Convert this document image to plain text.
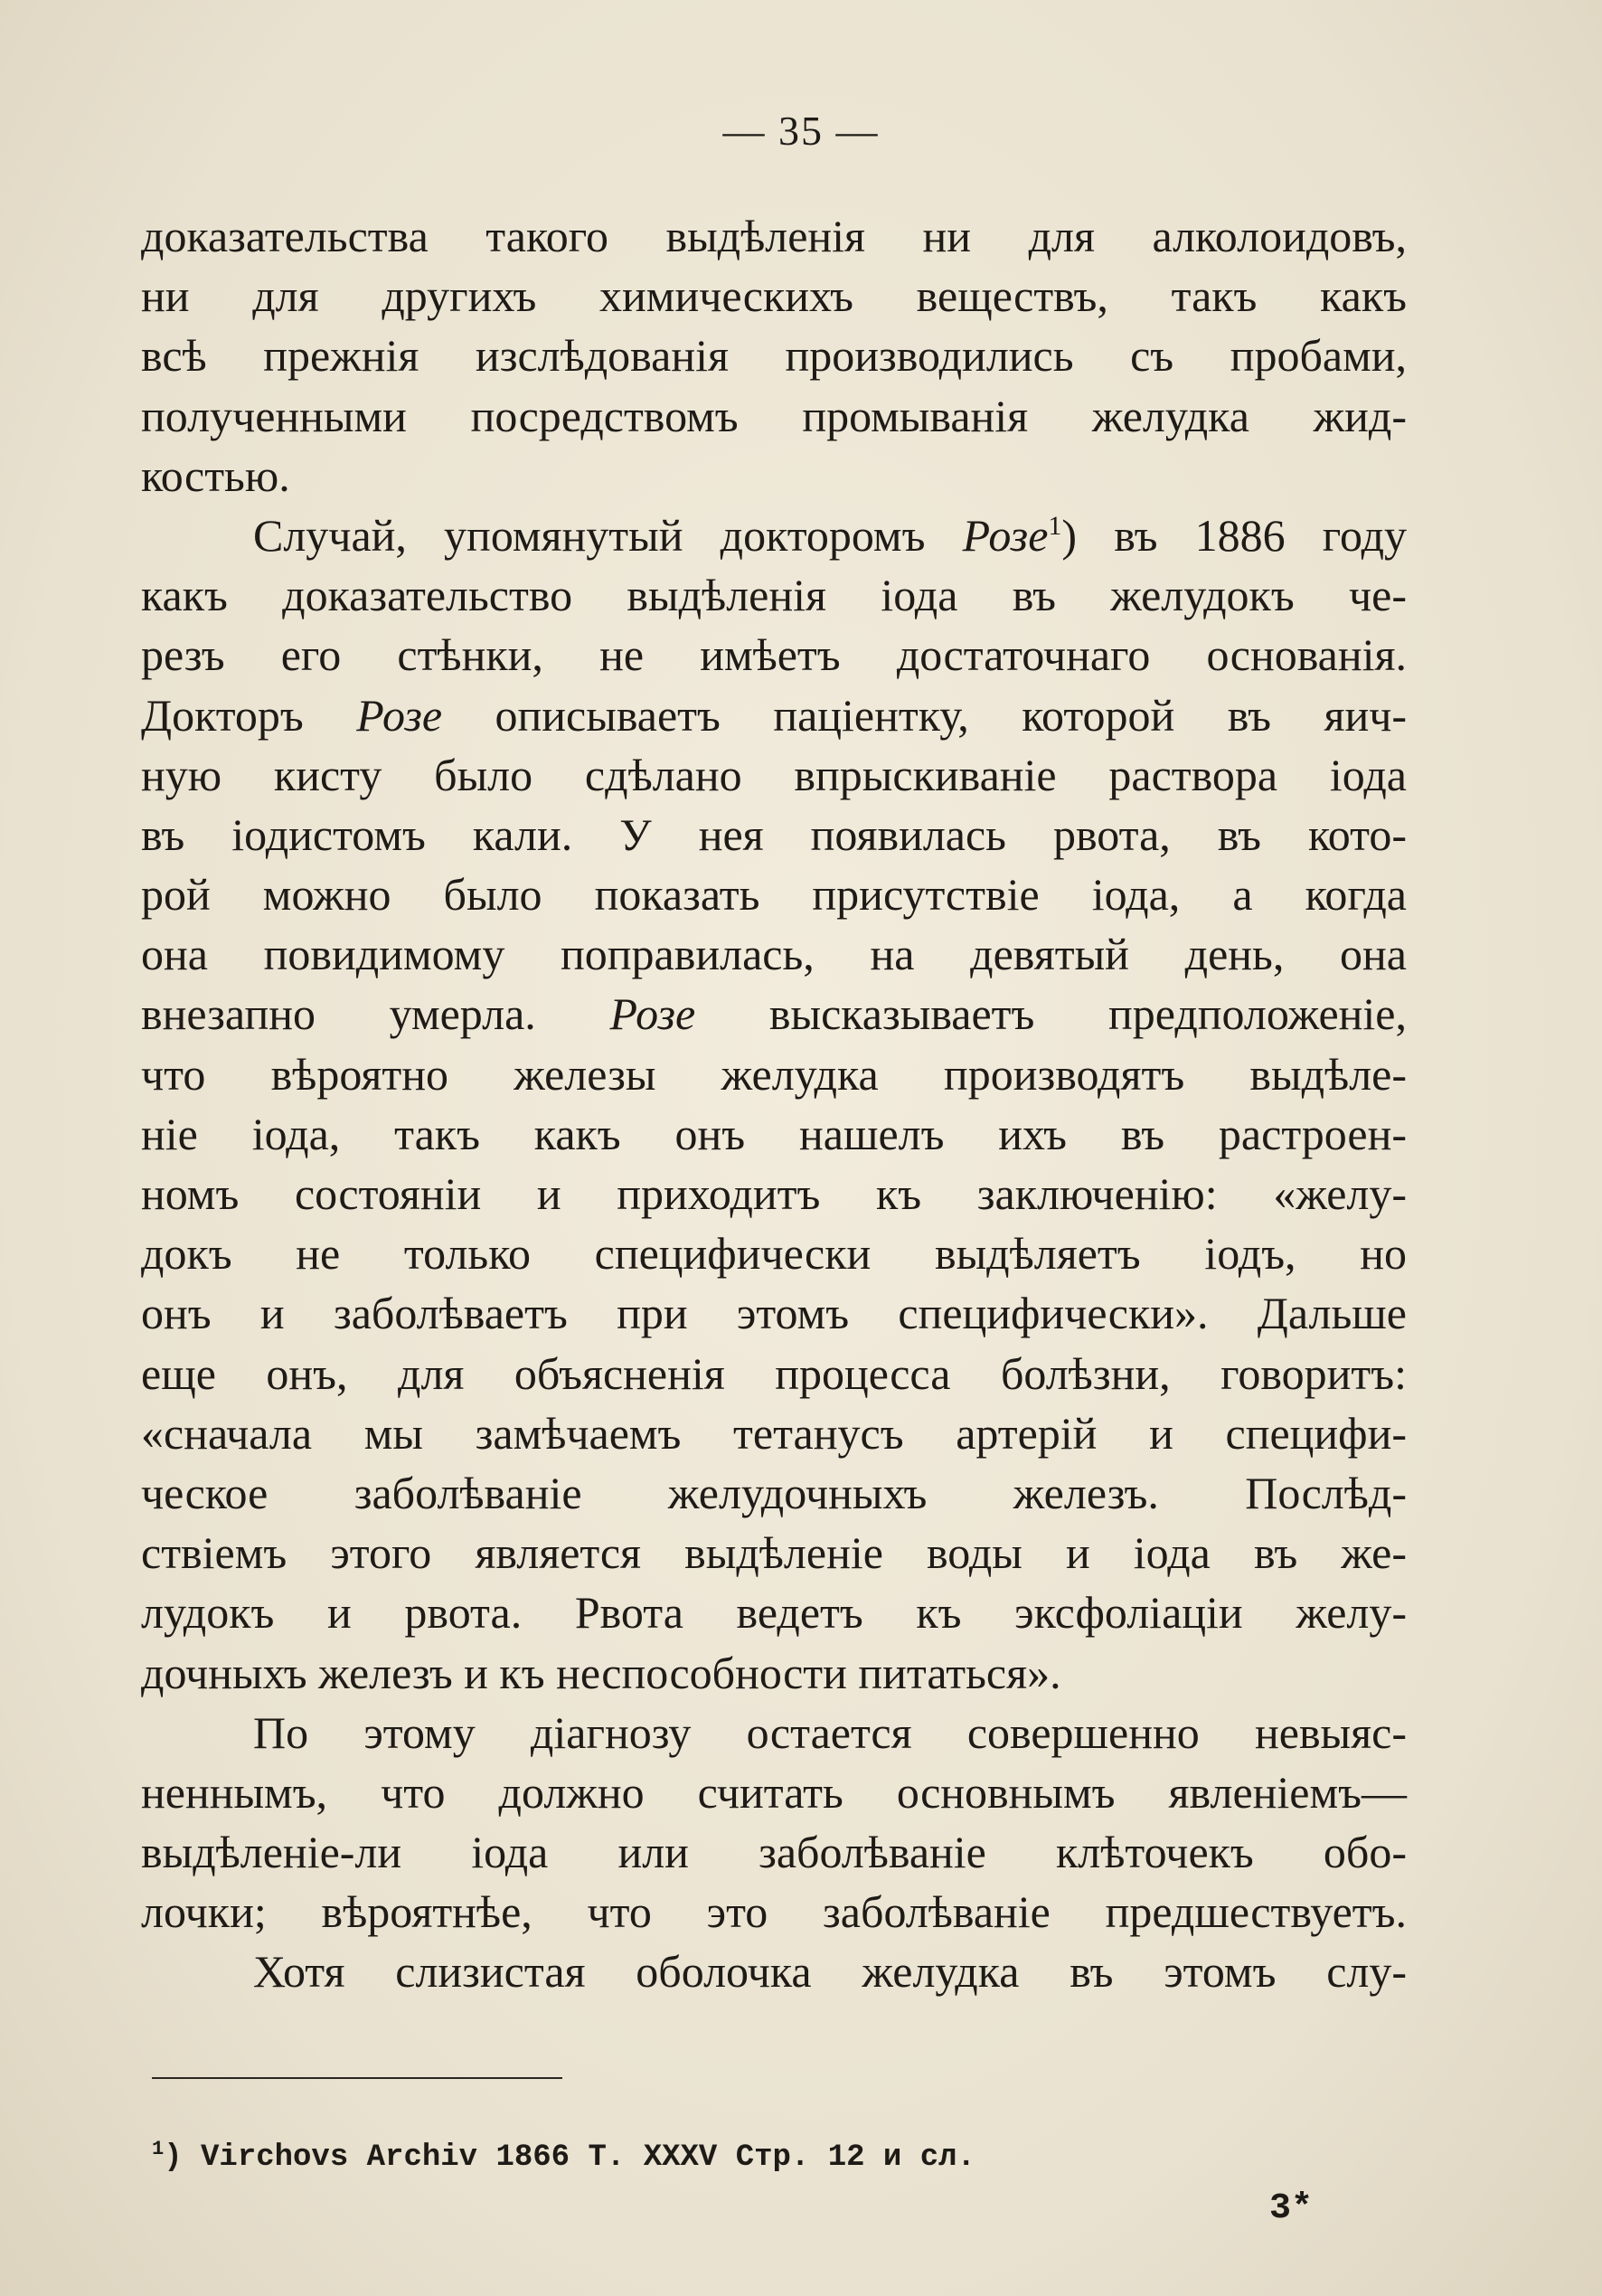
— 35 —
доказательства такого выдѣленія ни для алколоидовъ,
ни для другихъ химическихъ веществъ, такъ какъ
всѣ прежнія изслѣдованія производились съ пробами,
полученными посредствомъ промыванія желудка жид-
костью.
Случай, упомянутый докторомъ Розе$^1$) въ 1886 году
какъ доказательство выдѣленія іода въ желудокъ че-
резъ его стѣнки, не имѣетъ достаточнаго основанія.
Докторъ Розе описываетъ паціентку, которой въ яич-
ную кисту было сдѣлано впрыскиваніе раствора іода
въ іодистомъ кали. У нея появилась рвота, въ кото-
рой можно было показать присутствіе іода, а когда
она повидимому поправилась, на девятый день, она
внезапно умерла. Розе высказываетъ предположеніе,
что вѣроятно железы желудка производятъ выдѣле-
ніе іода, такъ какъ онъ нашелъ ихъ въ растроен-
номъ состояніи и приходитъ къ заключенію: «желу-
докъ не только специфически выдѣляетъ іодъ, но
онъ и заболѣваетъ при этомъ специфически». Дальше
еще онъ, для объясненія процесса болѣзни, говоритъ:
«сначала мы замѣчаемъ тетанусъ артерій и специфи-
ческое заболѣваніе желудочныхъ железъ. Послѣд-
ствіемъ этого является выдѣленіе воды и іода въ же-
лудокъ и рвота. Рвота ведетъ къ эксфоліаціи желу-
дочныхъ железъ и къ неспособности питаться».
По этому діагнозу остается совершенно невыяс-
неннымъ, что должно считать основнымъ явленіемъ—
выдѣленіе-ли іода или заболѣваніе клѣточекъ обо-
лочки; вѣроятнѣе, что это заболѣваніе предшествуетъ.
Хотя слизистая оболочка желудка въ этомъ слу-
$^1$) Virchovs Archiv 1866 T. XXXV Стр. 12 и сл.
3*
